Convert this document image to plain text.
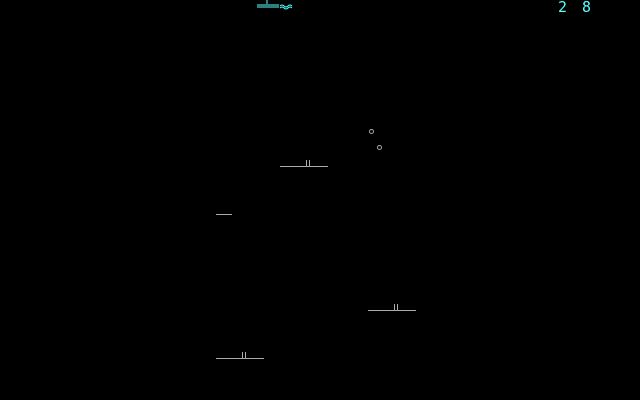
2 8
